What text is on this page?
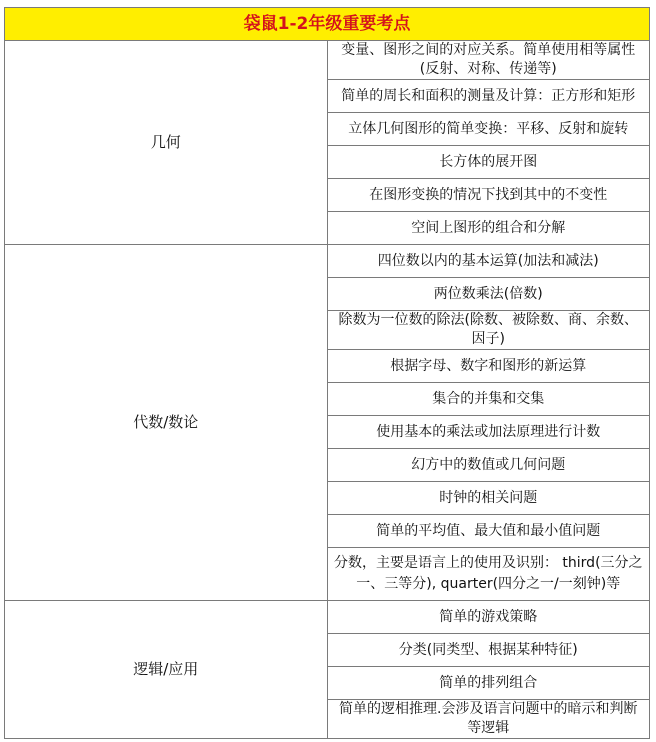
袋鼠1-2年级重要考点	
几何	变量、图形之间的对应关系。简单使用相等属性(反射、对称、传递等)
	简单的周长和面积的测量及计算：正方形和矩形
	立体几何图形的简单变换：平移、反射和旋转
	长方体的展开图
	在图形变换的情况下找到其中的不变性
	空间上图形的组合和分解
代数/数论	四位数以内的基本运算(加法和减法)
	两位数乘法(倍数)
	除数为一位数的除法(除数、被除数、商、余数、因子)
	根据字母、数字和图形的新运算
	集合的并集和交集
	使用基本的乘法或加法原理进行计数
	幻方中的数值或几何问题
	时钟的相关问题
	简单的平均值、最大值和最小值问题
	分数，主要是语言上的使用及识别： third(三分之一、三等分), quarter(四分之一/一刻钟)等
逻辑/应用	简单的游戏策略
	分类(同类型、根据某种特征)
	简单的排列组合
	简单的逻相推理.会涉及语言问题中的暗示和判断等逻辑
